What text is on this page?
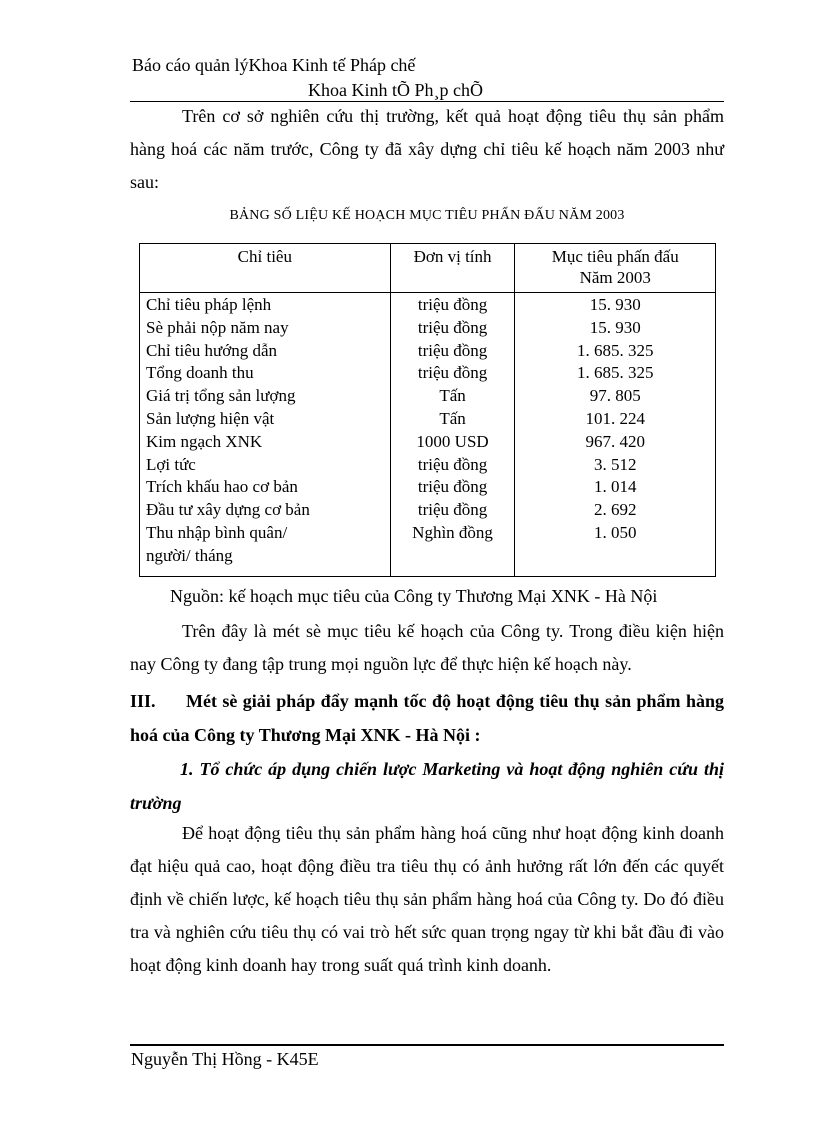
Báo cáo quản lýKhoa Kinh tế Pháp chế
Khoa Kinh tÕ Ph¸p chÕ
Trên cơ sở nghiên cứu thị trường, kết quả hoạt động tiêu thụ sản phẩm hàng hoá các năm trước, Công ty đã xây dựng chỉ tiêu kế hoạch năm 2003 như sau:
BẢNG SỐ LIỆU KẾ HOẠCH MỤC TIÊU PHẤN ĐẤU NĂM 2003
Chỉ tiêu	Đơn vị tính	Mục tiêu phấn đấu
Năm 2003
Chỉ tiêu pháp lệnh	triệu đồng	15. 930
Sè phải nộp năm nay	triệu đồng	15. 930
Chỉ tiêu hướng dẫn	triệu đồng	1. 685. 325
Tổng doanh thu	triệu đồng	1. 685. 325
Giá trị tổng sản lượng	Tấn	97. 805
Sản lượng hiện vật	Tấn	101. 224
Kim ngạch XNK	1000 USD	967. 420
Lợi tức	triệu đồng	3. 512
Trích khấu hao cơ bản	triệu đồng	1. 014
Đầu tư xây dựng cơ bản	triệu đồng	2. 692
Thu nhập bình quân/
người/ tháng	Nghìn đồng	1. 050
Nguồn: kế hoạch mục tiêu của Công ty Thương Mại XNK - Hà Nội
Trên đây là mét sè mục tiêu kế hoạch của Công ty. Trong điều kiện hiện nay Công ty đang tập trung mọi nguồn lực để thực hiện kế hoạch này.
III. Mét sè giải pháp đẩy mạnh tốc độ hoạt động tiêu thụ sản phẩm hàng hoá của Công ty Thương Mại XNK - Hà Nội :
1. Tổ chức áp dụng chiến lược Marketing và hoạt động nghiên cứu thị trường
Để hoạt động tiêu thụ sản phẩm hàng hoá cũng như hoạt động kinh doanh đạt hiệu quả cao, hoạt động điều tra tiêu thụ có ảnh hưởng rất lớn đến các quyết định về chiến lược, kế hoạch tiêu thụ sản phẩm hàng hoá của Công ty. Do đó điều tra và nghiên cứu tiêu thụ có vai trò hết sức quan trọng ngay từ khi bắt đầu đi vào hoạt động kinh doanh hay trong suất quá trình kinh doanh.
Nguyễn Thị Hồng - K45E
